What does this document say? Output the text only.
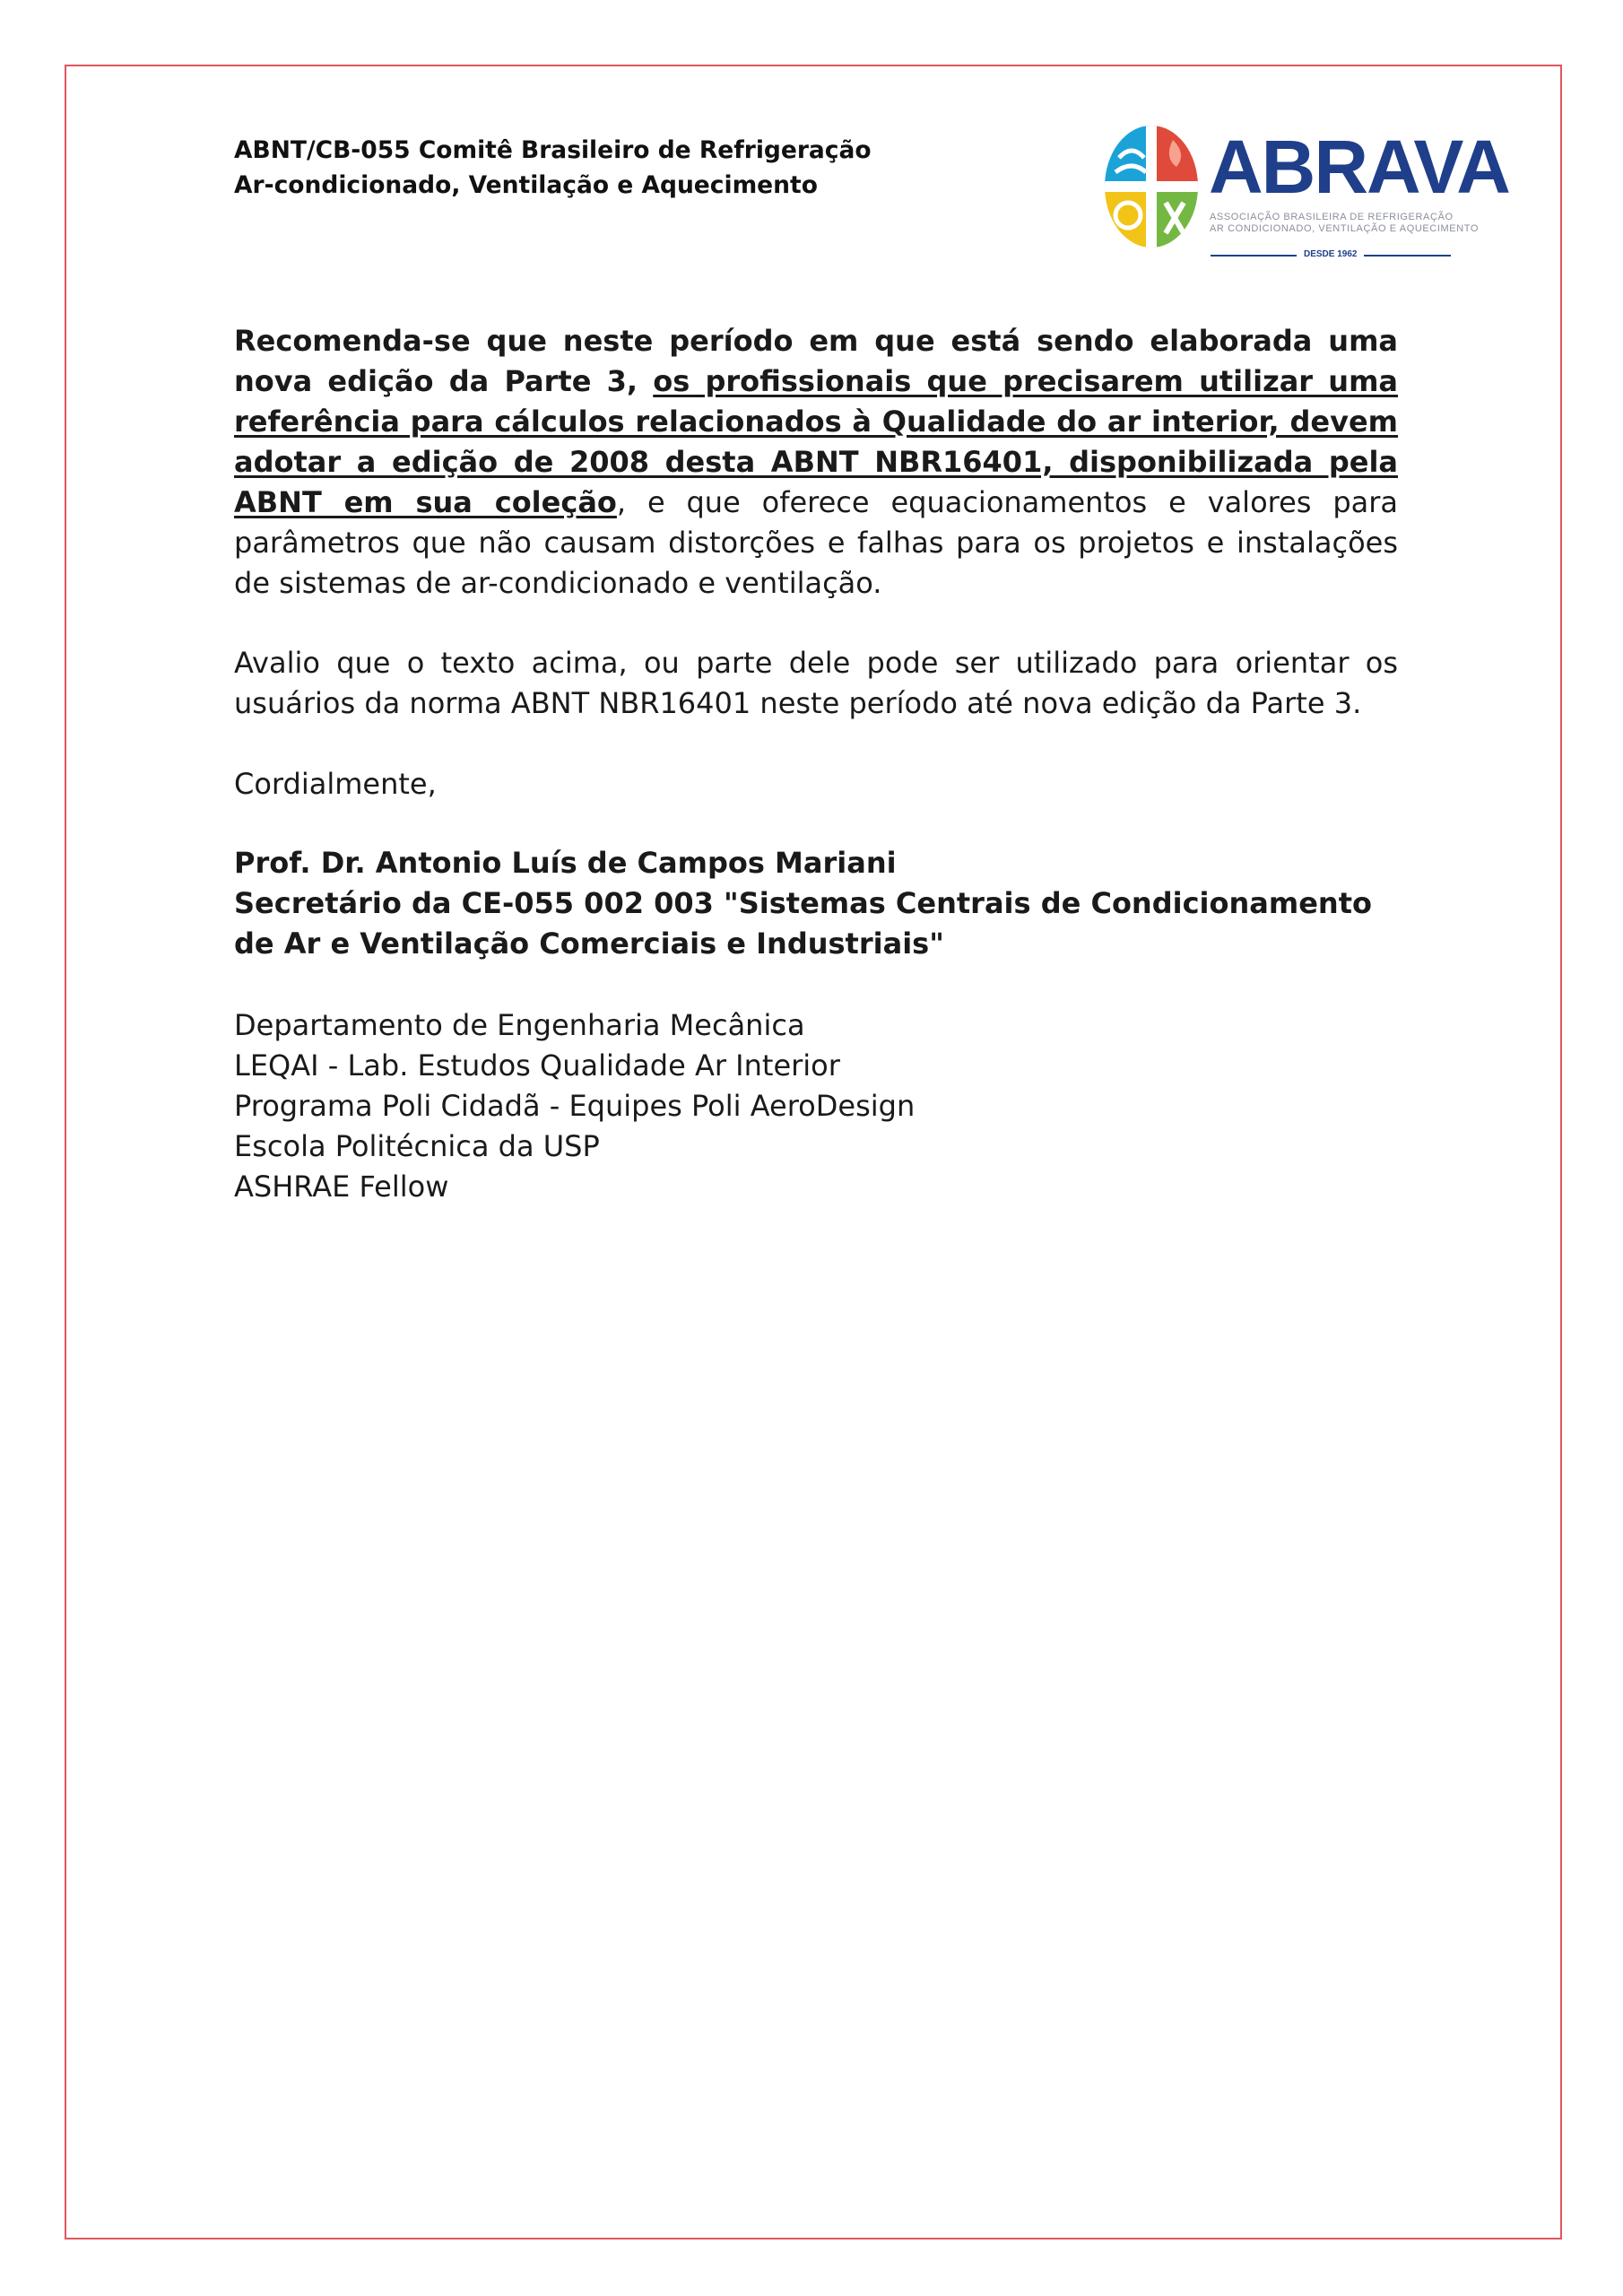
ABNT/CB-055 Comitê Brasileiro de Refrigeração
Ar-condicionado, Ventilação e Aquecimento	ABRAVA
ASSOCIAÇÃO BRASILEIRA DE REFRIGERAÇÃO
AR CONDICIONADO, VENTILAÇÃO E AQUECIMENTO
DESDE 1962
Recomenda-se que neste período em que está sendo elaborada uma nova edição da Parte 3, os profissionais que precisarem utilizar uma referência para cálculos relacionados à Qualidade do ar interior, devem adotar a edição de 2008 desta ABNT NBR16401, disponibilizada pela ABNT em sua coleção, e que oferece equacionamentos e valores para parâmetros que não causam distorções e falhas para os projetos e instalações de sistemas de ar-condicionado e ventilação.
Avalio que o texto acima, ou parte dele pode ser utilizado para orientar os usuários da norma ABNT NBR16401 neste período até nova edição da Parte 3.
Cordialmente,
Prof. Dr. Antonio Luís de Campos Mariani
Secretário da CE-055 002 003 "Sistemas Centrais de Condicionamento de Ar e Ventilação Comerciais e Industriais"
Departamento de Engenharia Mecânica
LEQAI - Lab. Estudos Qualidade Ar Interior
Programa Poli Cidadã - Equipes Poli AeroDesign
Escola Politécnica da USP
ASHRAE Fellow
